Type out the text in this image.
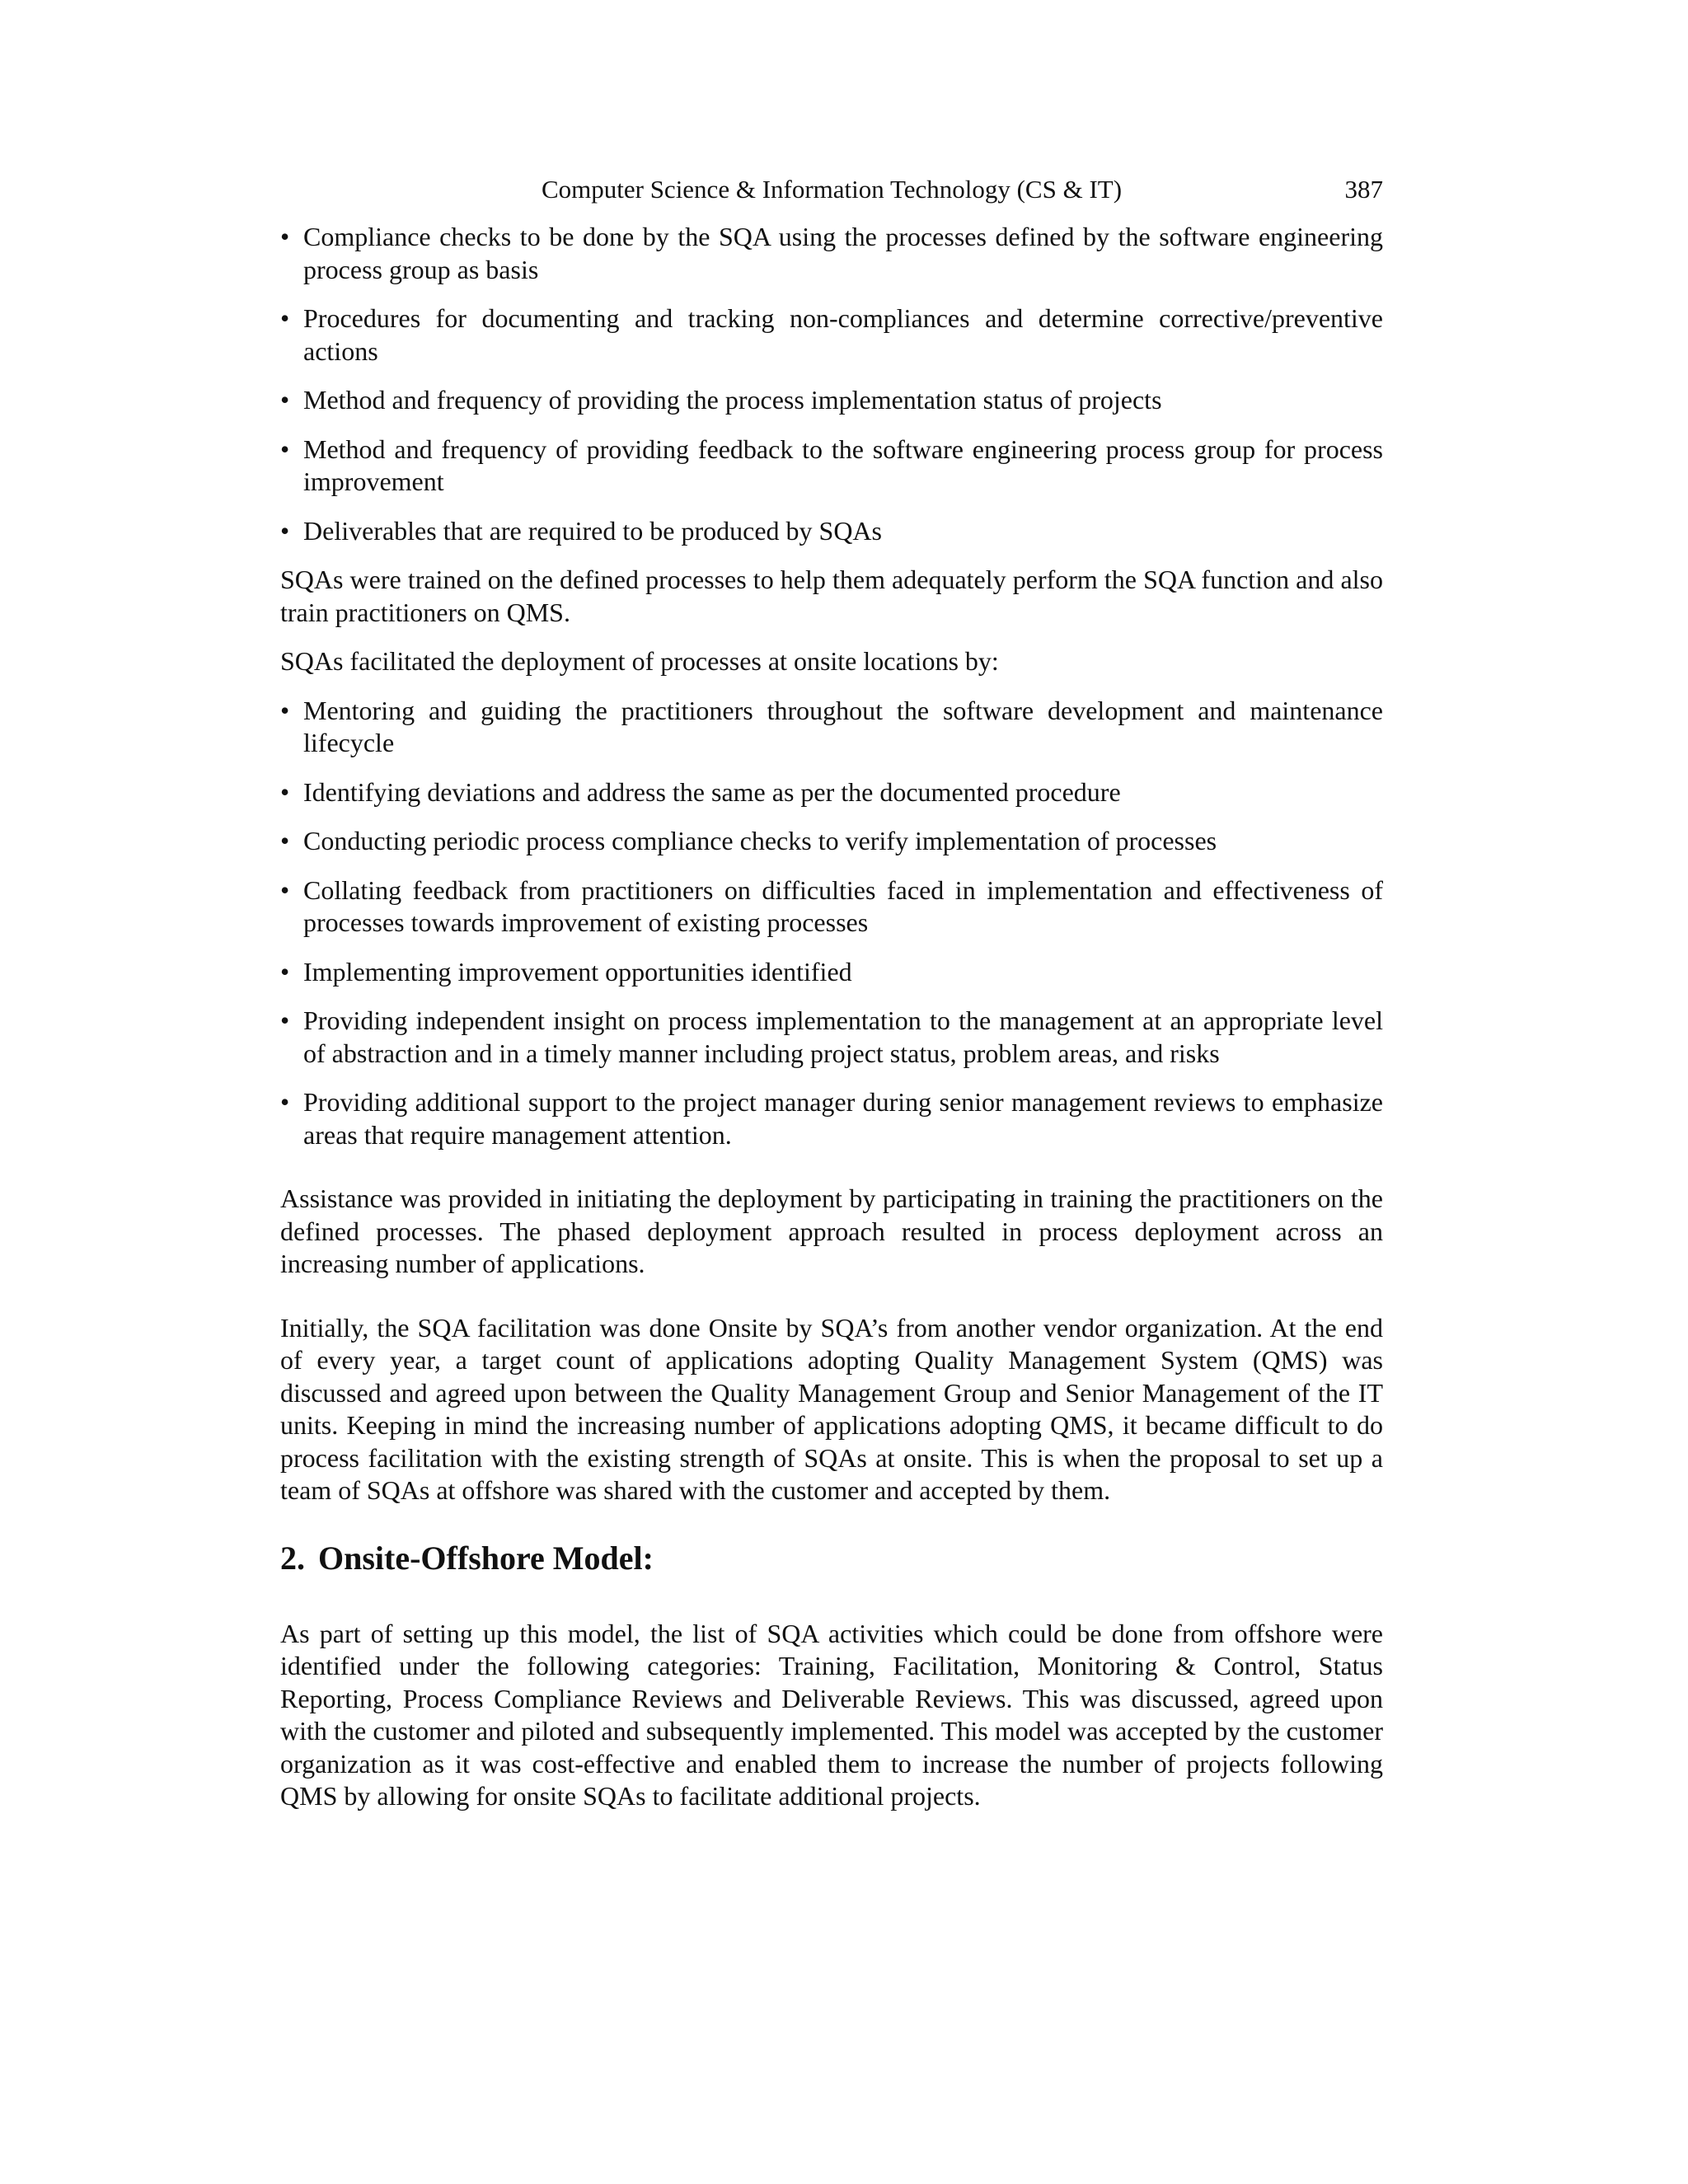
Computer Science & Information Technology (CS & IT)	387
• Compliance checks to be done by the SQA using the processes defined by the software engineering process group as basis
• Procedures for documenting and tracking non-compliances and determine corrective/preventive actions
• Method and frequency of providing the process implementation status of projects
• Method and frequency of providing feedback to the software engineering process group for process improvement
• Deliverables that are required to be produced by SQAs

SQAs were trained on the defined processes to help them adequately perform the SQA function and also train practitioners on QMS.

SQAs facilitated the deployment of processes at onsite locations by:

• Mentoring and guiding the practitioners throughout the software development and maintenance lifecycle
• Identifying deviations and address the same as per the documented procedure
• Conducting periodic process compliance checks to verify implementation of processes
• Collating feedback from practitioners on difficulties faced in implementation and effectiveness of processes towards improvement of existing processes
• Implementing improvement opportunities identified
• Providing independent insight on process implementation to the management at an appropriate level of abstraction and in a timely manner including project status, problem areas, and risks
• Providing additional support to the project manager during senior management reviews to emphasize areas that require management attention.

Assistance was provided in initiating the deployment by participating in training the practitioners on the defined processes. The phased deployment approach resulted in process deployment across an increasing number of applications.

Initially, the SQA facilitation was done Onsite by SQA’s from another vendor organization. At the end of every year, a target count of applications adopting Quality Management System (QMS) was discussed and agreed upon between the Quality Management Group and Senior Management of the IT units. Keeping in mind the increasing number of applications adopting QMS, it became difficult to do process facilitation with the existing strength of SQAs at onsite. This is when the proposal to set up a team of SQAs at offshore was shared with the customer and accepted by them.

2. Onsite-Offshore Model:

As part of setting up this model, the list of SQA activities which could be done from offshore were identified under the following categories: Training, Facilitation, Monitoring & Control, Status Reporting, Process Compliance Reviews and Deliverable Reviews. This was discussed, agreed upon with the customer and piloted and subsequently implemented. This model was accepted by the customer organization as it was cost-effective and enabled them to increase the number of projects following QMS by allowing for onsite SQAs to facilitate additional projects.
